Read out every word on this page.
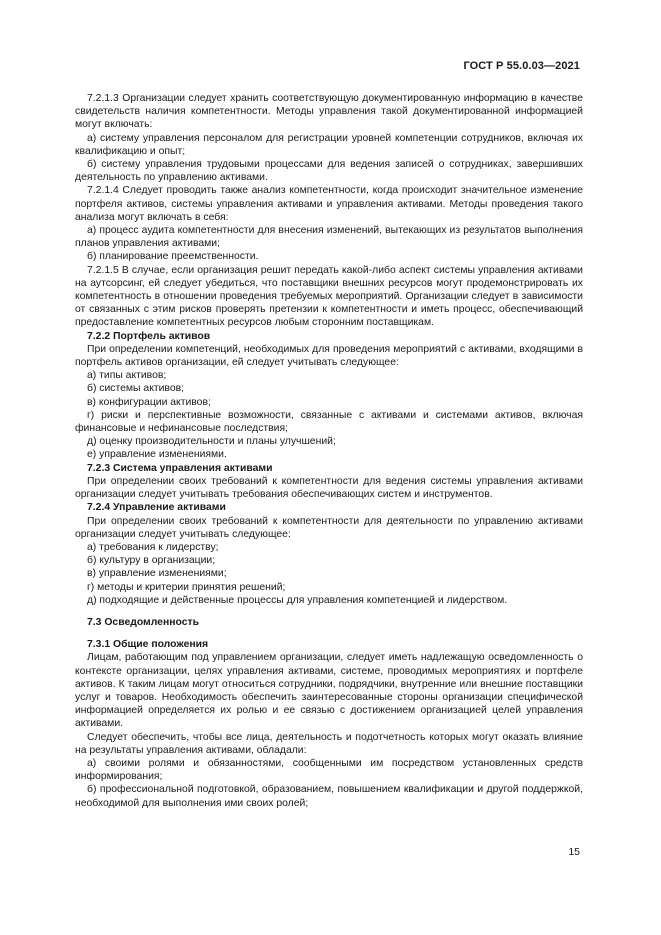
ГОСТ Р 55.0.03—2021

7.2.1.3 Организации следует хранить соответствующую документированную информацию в качестве свидетельств наличия компетентности. Методы управления такой документированной информацией могут включать:

а) систему управления персоналом для регистрации уровней компетенции сотрудников, включая их квалификацию и опыт;

б) систему управления трудовыми процессами для ведения записей о сотрудниках, завершивших деятельность по управлению активами.

7.2.1.4 Следует проводить также анализ компетентности, когда происходит значительное изменение портфеля активов, системы управления активами и управления активами. Методы проведения такого анализа могут включать в себя:

а) процесс аудита компетентности для внесения изменений, вытекающих из результатов выполнения планов управления активами;

б) планирование преемственности.

7.2.1.5 В случае, если организация решит передать какой-либо аспект системы управления активами на аутсорсинг, ей следует убедиться, что поставщики внешних ресурсов могут продемонстрировать их компетентность в отношении проведения требуемых мероприятий. Организации следует в зависимости от связанных с этим рисков проверять претензии к компетентности и иметь процесс, обеспечивающий предоставление компетентных ресурсов любым сторонним поставщикам.

7.2.2 Портфель активов

При определении компетенций, необходимых для проведения мероприятий с активами, входящими в портфель активов организации, ей следует учитывать следующее:

а) типы активов;

б) системы активов;

в) конфигурации активов;

г) риски и перспективные возможности, связанные с активами и системами активов, включая финансовые и нефинансовые последствия;

д) оценку производительности и планы улучшений;

е) управление изменениями.

7.2.3 Система управления активами

При определении своих требований к компетентности для ведения системы управления активами организации следует учитывать требования обеспечивающих систем и инструментов.

7.2.4 Управление активами

При определении своих требований к компетентности для деятельности по управлению активами организации следует учитывать следующее:

а) требования к лидерству;

б) культуру в организации;

в) управление изменениями;

г) методы и критерии принятия решений;

д) подходящие и действенные процессы для управления компетенцией и лидерством.

7.3 Осведомленность

7.3.1 Общие положения

Лицам, работающим под управлением организации, следует иметь надлежащую осведомленность о контексте организации, целях управления активами, системе, проводимых мероприятиях и портфеле активов. К таким лицам могут относиться сотрудники, подрядчики, внутренние или внешние поставщики услуг и товаров. Необходимость обеспечить заинтересованные стороны организации специфической информацией определяется их ролью и ее связью с достижением организацией целей управления активами.

Следует обеспечить, чтобы все лица, деятельность и подотчетность которых могут оказать влияние на результаты управления активами, обладали:

а) своими ролями и обязанностями, сообщенными им посредством установленных средств информирования;

б) профессиональной подготовкой, образованием, повышением квалификации и другой поддержкой, необходимой для выполнения ими своих ролей;

15
